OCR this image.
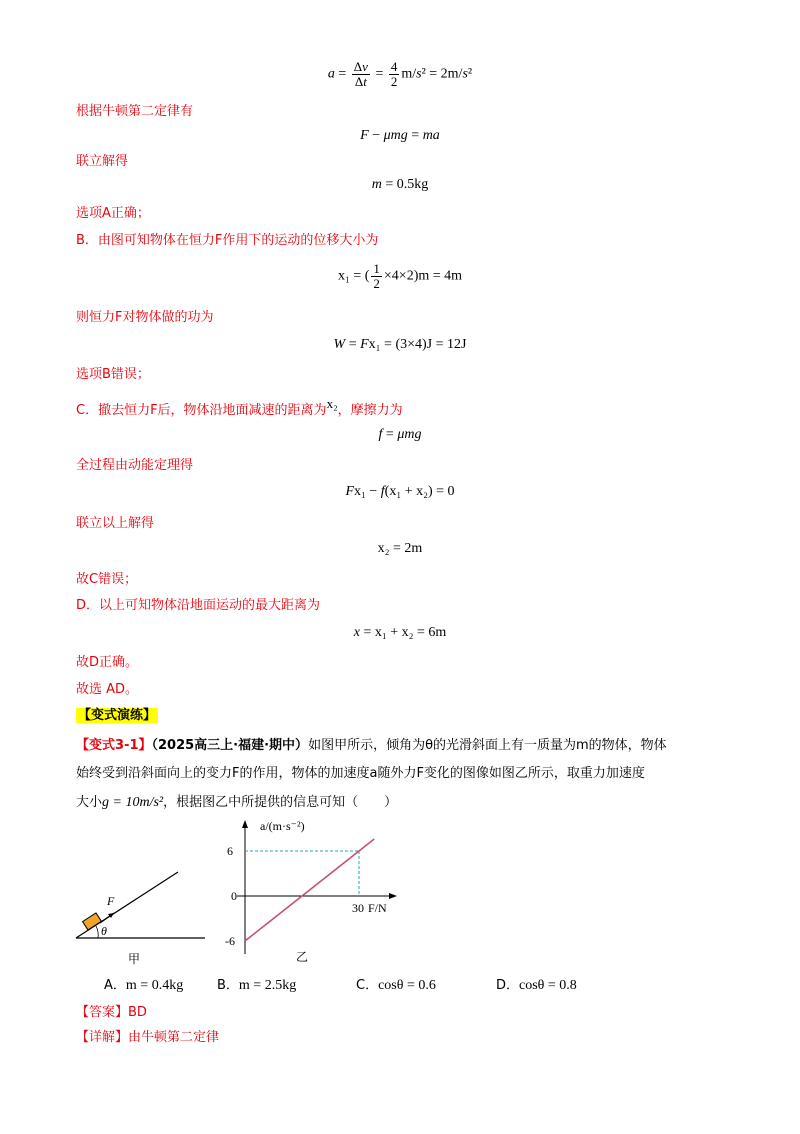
$a = \frac{\Delta v}{\Delta t} = \frac{4}{2} m/s^2 = 2m/s^2$
根据牛顿第二定律有
F − μmg = ma
联立解得
m = 0.5kg
选项A正确；
B．由图可知物体在恒力F作用下的运动的位移大小为
x₁ = ( $\frac{1}{2} \times 4\times 2)m = 4m$
则恒力F对物体做的功为
W = Fx₁ = (3×4)J = 12J
选项B错误；
C．撤去恒力F后，物体沿地面减速的距离为x₂，摩擦力为
f = μmg
全过程由动能定理得
Fx₁ − f(x₁ + x₂) = 0
联立以上解得
x₂ = 2m
故C错误；
D．以上可知物体沿地面运动的最大距离为
x = x₁ + x₂ = 6m
故D正确。
故选 AD。
【变式演练】
【变式3-1】（2025高三上·福建·期中）如图甲所示，倾角为θ的光滑斜面上有一质量为m的物体，物体
始终受到沿斜面向上的变力F的作用，物体的加速度a随外力F变化的图像如图乙所示，取重力加速度
大小g = 10m/s²，根据图乙中所提供的信息可知（　　）
F
θ
甲
a/(m·s⁻²)
F/N
6
0
-6
30
乙
A．m = 0.4kg	B．m = 2.5kg	C．cosθ = 0.6	D．cosθ = 0.8
【答案】BD
【详解】由牛顿第二定律
